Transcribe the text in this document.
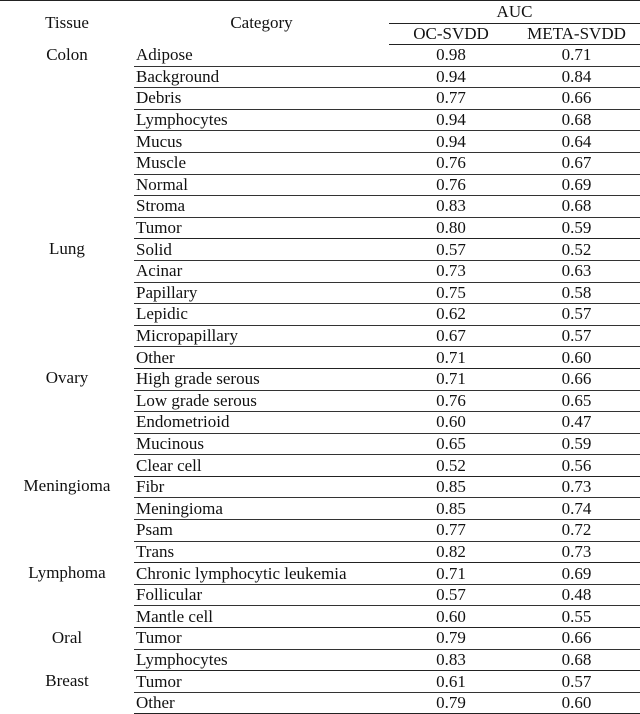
Tissue	Category	AUC	
		OC-SVDD	META-SVDD
Colon	Adipose	0.98	0.71
	Background	0.94	0.84
	Debris	0.77	0.66
	Lymphocytes	0.94	0.68
	Mucus	0.94	0.64
	Muscle	0.76	0.67
	Normal	0.76	0.69
	Stroma	0.83	0.68
	Tumor	0.80	0.59
Lung	Solid	0.57	0.52
	Acinar	0.73	0.63
	Papillary	0.75	0.58
	Lepidic	0.62	0.57
	Micropapillary	0.67	0.57
	Other	0.71	0.60
Ovary	High grade serous	0.71	0.66
	Low grade serous	0.76	0.65
	Endometrioid	0.60	0.47
	Mucinous	0.65	0.59
	Clear cell	0.52	0.56
Meningioma	Fibr	0.85	0.73
	Meningioma	0.85	0.74
	Psam	0.77	0.72
	Trans	0.82	0.73
Lymphoma	Chronic lymphocytic leukemia	0.71	0.69
	Follicular	0.57	0.48
	Mantle cell	0.60	0.55
Oral	Tumor	0.79	0.66
	Lymphocytes	0.83	0.68
Breast	Tumor	0.61	0.57
	Other	0.79	0.60
